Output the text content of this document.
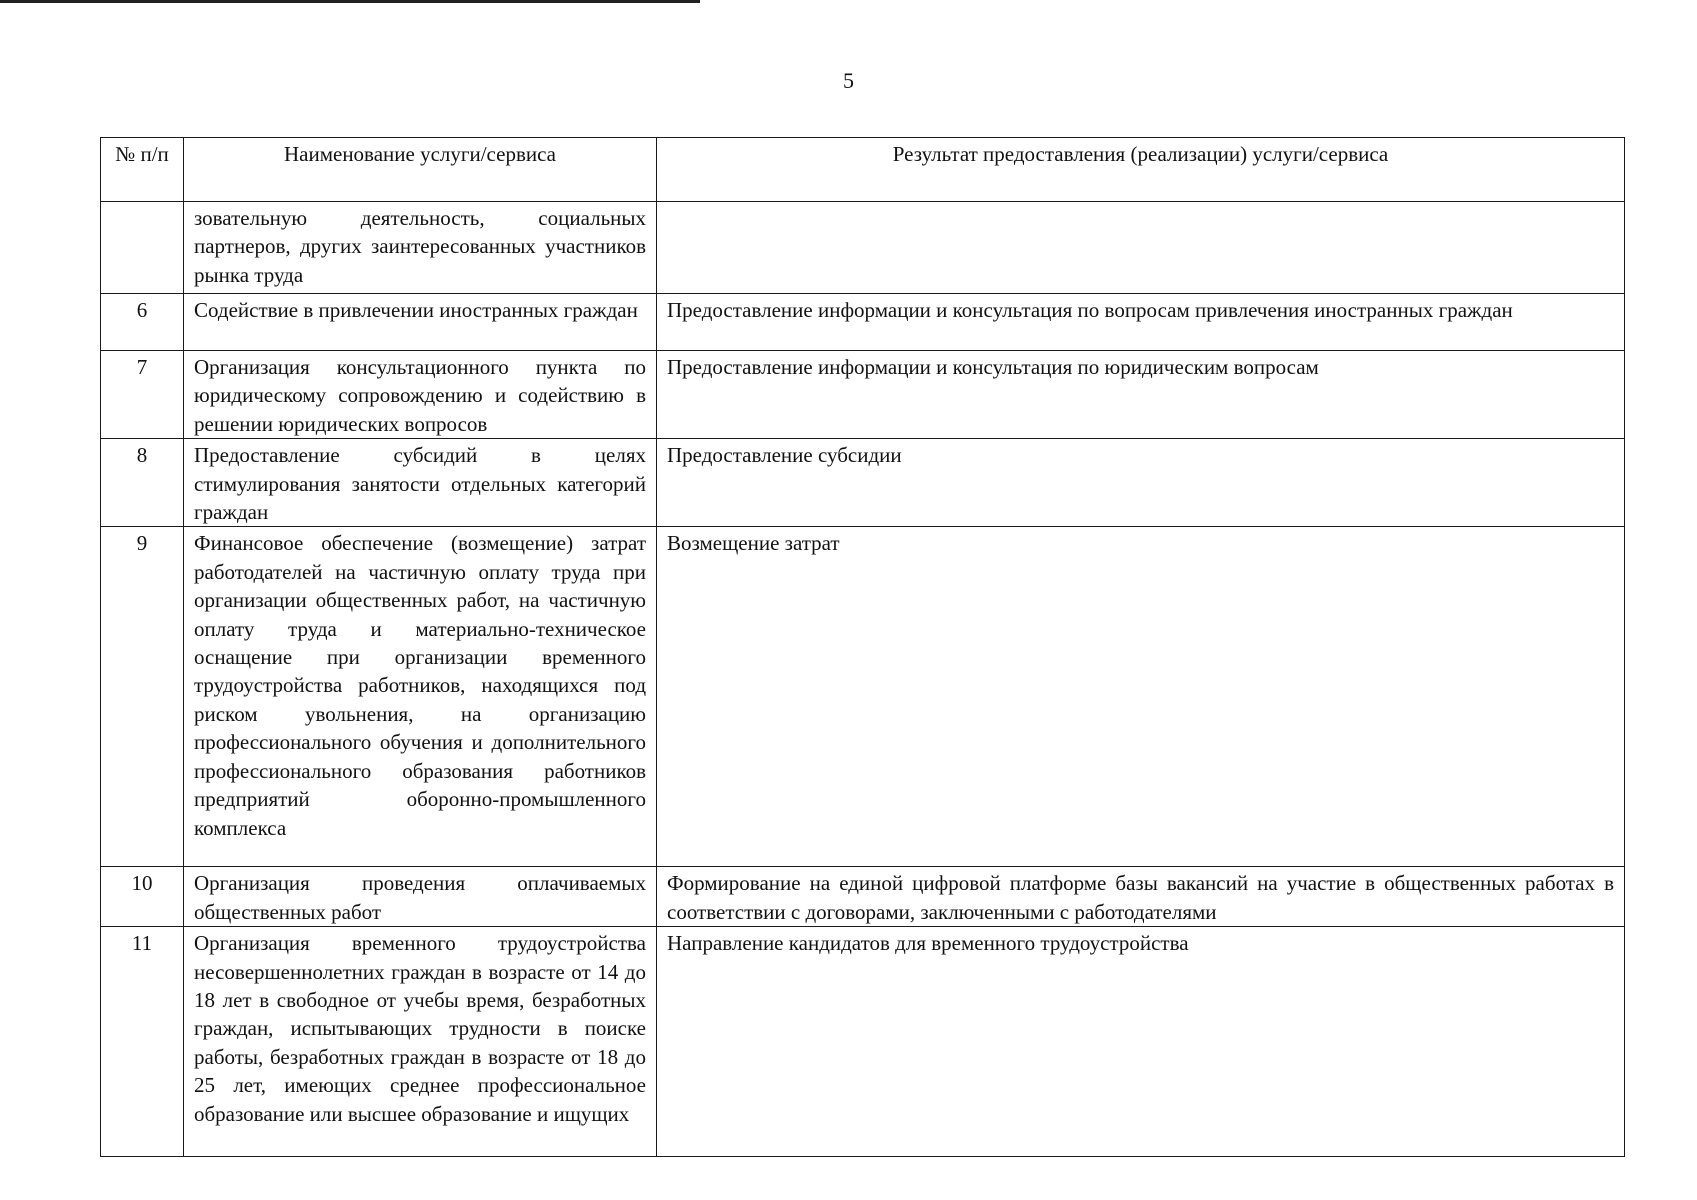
5
№ п/п	Наименование услуги/сервиса	Результат предоставления (реализации) услуги/сервиса
	зовательную деятельность, социальных партнеров, других заинтересованных участников рынка труда	
6	Содействие в привлечении иностранных граждан	Предоставление информации и консультация по вопросам привлечения иностранных граждан
7	Организация консультационного пункта по юридическому сопровождению и содействию в решении юридических вопросов	Предоставление информации и консультация по юридическим вопросам
8	Предоставление субсидий в целях стимулирования занятости отдельных категорий граждан	Предоставление субсидии
9	Финансовое обеспечение (возмещение) затрат работодателей на частичную оплату труда при организации общественных работ, на частичную оплату труда и материально-техническое оснащение при организации временного трудоустройства работников, находящихся под риском увольнения, на организацию профессионального обучения и дополнительного профессионального образования работников предприятий оборонно-промышленного комплекса	Возмещение затрат
10	Организация проведения оплачиваемых общественных работ	Формирование на единой цифровой платформе базы вакансий на участие в общественных работах в соответствии с договорами, заключенными с работодателями
11	Организация временного трудоустройства несовершеннолетних граждан в возрасте от 14 до 18 лет в свободное от учебы время, безработных граждан, испытывающих трудности в поиске работы, безработных граждан в возрасте от 18 до 25 лет, имеющих среднее профессиональное образование или высшее образование и ищущих	Направление кандидатов для временного трудоустройства
